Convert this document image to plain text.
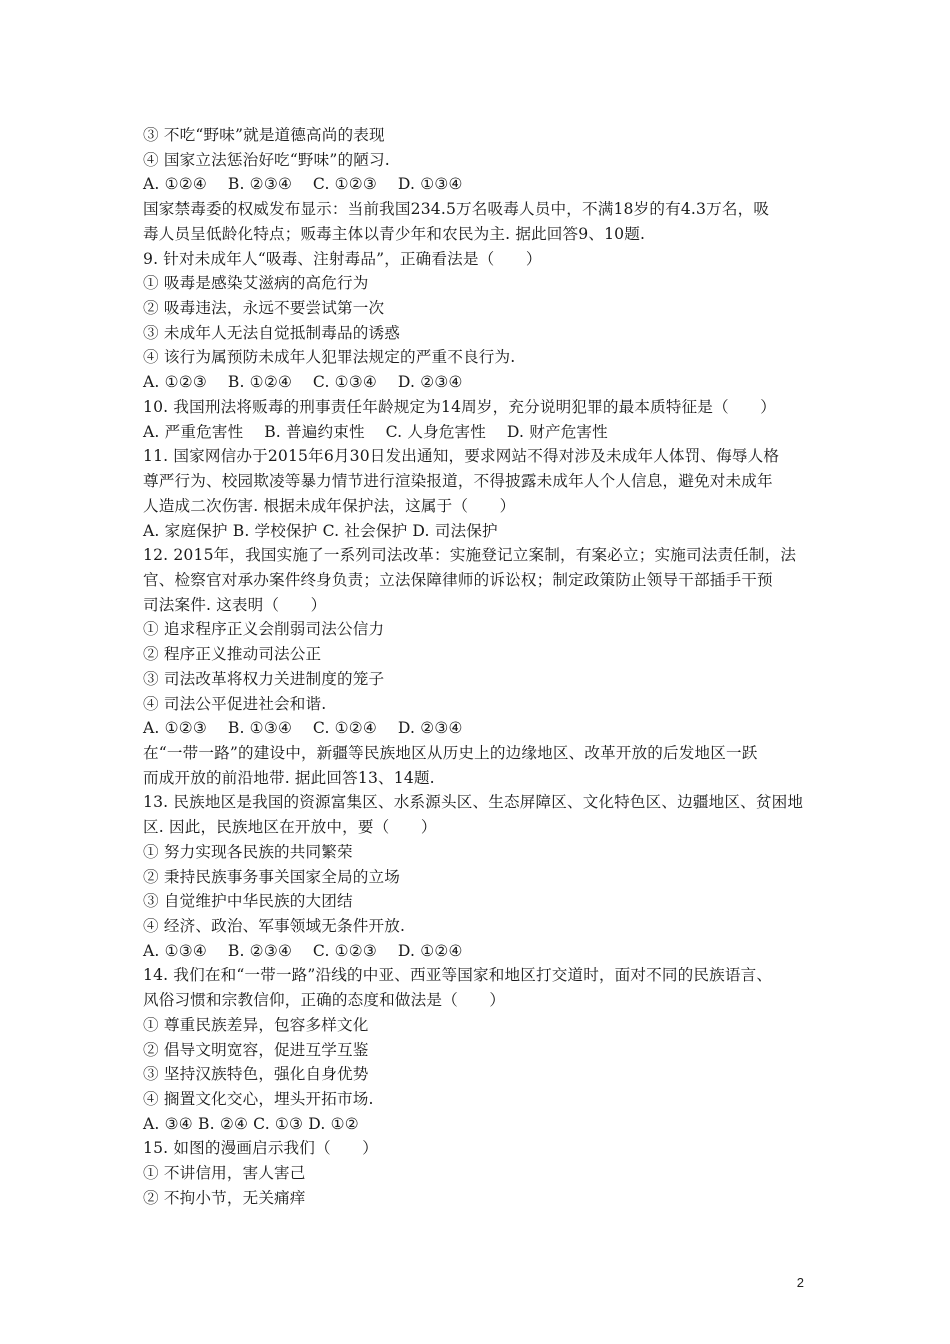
③ 不吃“野味”就是道德高尚的表现
④ 国家立法惩治好吃“野味”的陋习.
A. ①②④　 B. ②③④　 C. ①②③　 D. ①③④
国家禁毒委的权威发布显示：当前我国234.5万名吸毒人员中，不满18岁的有4.3万名，吸
毒人员呈低龄化特点；贩毒主体以青少年和农民为主. 据此回答9、10题.
9. 针对未成年人“吸毒、注射毒品”，正确看法是（　　）
① 吸毒是感染艾滋病的高危行为
② 吸毒违法，永远不要尝试第一次
③ 未成年人无法自觉抵制毒品的诱惑
④ 该行为属预防未成年人犯罪法规定的严重不良行为.
A. ①②③　 B. ①②④　 C. ①③④　 D. ②③④
10. 我国刑法将贩毒的刑事责任年龄规定为14周岁，充分说明犯罪的最本质特征是（　　）
A. 严重危害性　 B. 普遍约束性　 C. 人身危害性　 D. 财产危害性
11. 国家网信办于2015年6月30日发出通知，要求网站不得对涉及未成年人体罚、侮辱人格
尊严行为、校园欺凌等暴力情节进行渲染报道，不得披露未成年人个人信息，避免对未成年
人造成二次伤害. 根据未成年保护法，这属于（　　）
A. 家庭保护 B. 学校保护 C. 社会保护 D. 司法保护
12. 2015年，我国实施了一系列司法改革：实施登记立案制，有案必立；实施司法责任制，法
官、检察官对承办案件终身负责；立法保障律师的诉讼权；制定政策防止领导干部插手干预
司法案件. 这表明（　　）
① 追求程序正义会削弱司法公信力
② 程序正义推动司法公正
③ 司法改革将权力关进制度的笼子
④ 司法公平促进社会和谐.
A. ①②③　 B. ①③④　 C. ①②④　 D. ②③④
在“一带一路”的建设中，新疆等民族地区从历史上的边缘地区、改革开放的后发地区一跃
而成开放的前沿地带. 据此回答13、14题.
13. 民族地区是我国的资源富集区、水系源头区、生态屏障区、文化特色区、边疆地区、贫困地
区. 因此，民族地区在开放中，要（　　）
① 努力实现各民族的共同繁荣
② 秉持民族事务事关国家全局的立场
③ 自觉维护中华民族的大团结
④ 经济、政治、军事领域无条件开放.
A. ①③④　 B. ②③④　 C. ①②③　 D. ①②④
14. 我们在和“一带一路”沿线的中亚、西亚等国家和地区打交道时，面对不同的民族语言、
风俗习惯和宗教信仰，正确的态度和做法是（　　）
① 尊重民族差异，包容多样文化
② 倡导文明宽容，促进互学互鉴
③ 坚持汉族特色，强化自身优势
④ 搁置文化交心，埋头开拓市场.
A. ③④ B. ②④ C. ①③ D. ①②
15. 如图的漫画启示我们（　　）
① 不讲信用，害人害己
② 不拘小节，无关痛痒
2
